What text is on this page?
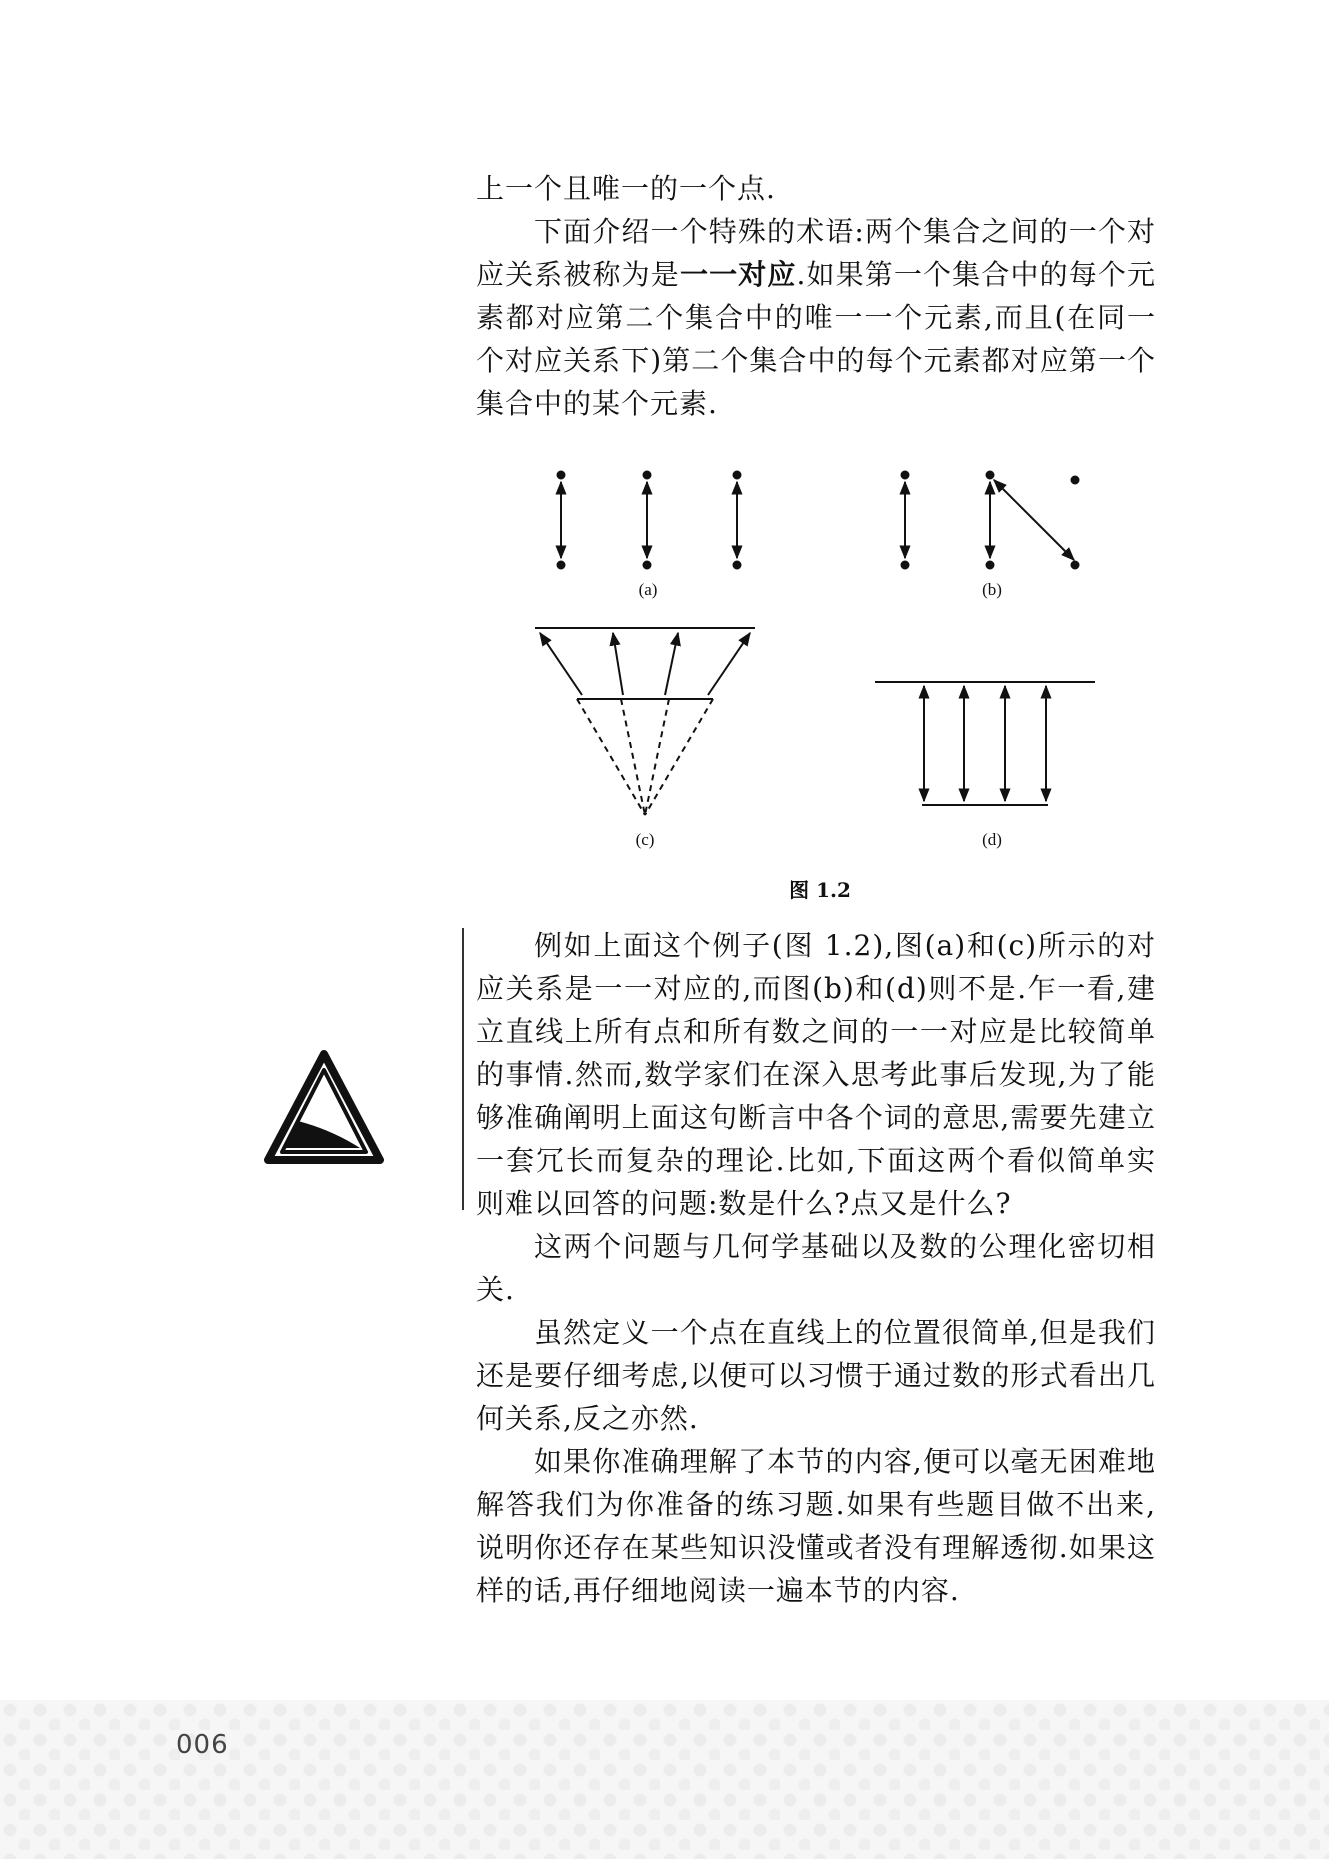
上一个且唯一的一个点.

下面介绍一个特殊的术语:两个集合之间的一个对应关系被称为是一一对应.如果第一个集合中的每个元素都对应第二个集合中的唯一一个元素,而且(在同一个对应关系下)第二个集合中的每个元素都对应第一个集合中的某个元素.

(a)	(b)
(c)	(d)
图 1.2

例如上面这个例子(图 1.2),图(a)和(c)所示的对应关系是一一对应的,而图(b)和(d)则不是.乍一看,建立直线上所有点和所有数之间的一一对应是比较简单的事情.然而,数学家们在深入思考此事后发现,为了能够准确阐明上面这句断言中各个词的意思,需要先建立一套冗长而复杂的理论.比如,下面这两个看似简单实则难以回答的问题:数是什么?点又是什么?

这两个问题与几何学基础以及数的公理化密切相关.

虽然定义一个点在直线上的位置很简单,但是我们还是要仔细考虑,以便可以习惯于通过数的形式看出几何关系,反之亦然.

如果你准确理解了本节的内容,便可以毫无困难地解答我们为你准备的练习题.如果有些题目做不出来,说明你还存在某些知识没懂或者没有理解透彻.如果这样的话,再仔细地阅读一遍本节的内容.

006
